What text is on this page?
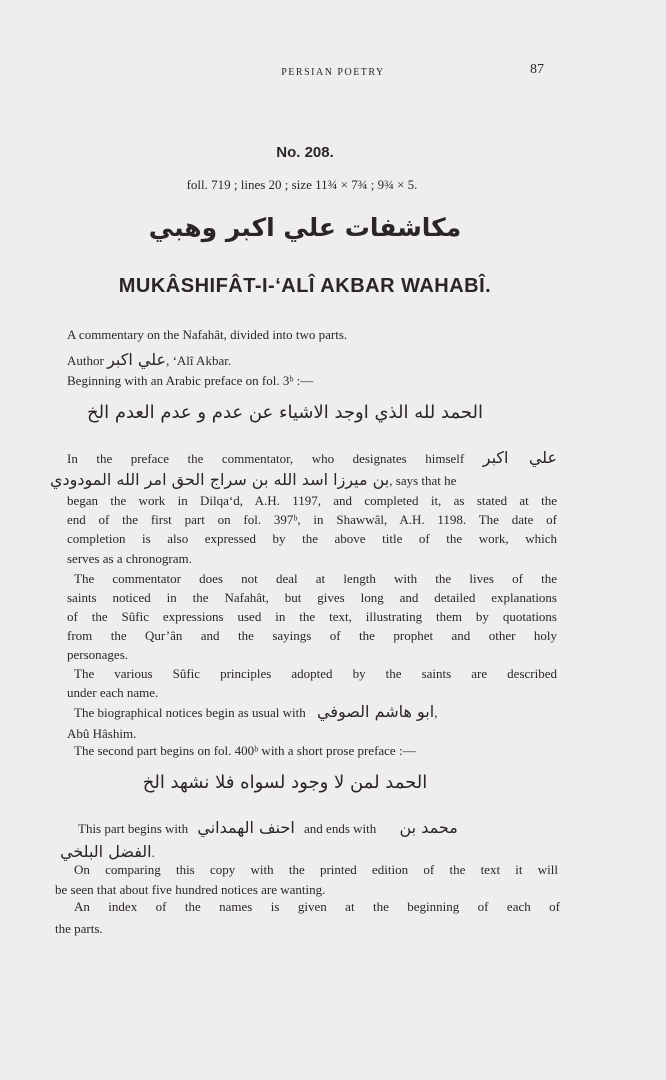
PERSIAN POETRY	87
No. 208.
foll. 719 ; lines 20 ; size 11¾ × 7¾ ; 9¾ × 5.
مكاشفات علي اكبر وهبي
MUKÂSHIFÂT-I-‘ALÎ AKBAR WAHABÎ.
A commentary on the Nafahât, divided into two parts.
Author علي اكبر, ‘Alî Akbar.
Beginning with an Arabic preface on fol. 3ᵇ :—
الحمد لله الذي اوجد الاشياء عن عدم و عدم العدم الخ
In the preface the commentator, who designates himself علي اكبر
بن ميرزا اسد الله بن سراج الحق امر الله المودودي, says that he
began the work in Dilqa‘d, A.H. 1197, and completed it, as stated at the
end of the first part on fol. 397ᵇ, in Shawwâl, A.H. 1198. The date of
completion is also expressed by the above title of the work, which
serves as a chronogram.
The commentator does not deal at length with the lives of the
saints noticed in the Nafahât, but gives long and detailed explanations
of the Sûfic expressions used in the text, illustrating them by quotations
from the Qur’ân and the sayings of the prophet and other holy
personages.
The various Sûfic principles adopted by the saints are described
under each name.
The biographical notices begin as usual with ابو هاشم الصوفي,
Abû Hâshim.
The second part begins on fol. 400ᵇ with a short prose preface :—
الحمد لمن لا وجود لسواه فلا نشهد الخ
This part begins with احنف الهمداني and ends with محمد بن
الفضل البلخي.
On comparing this copy with the printed edition of the text it will
be seen that about five hundred notices are wanting.
An index of the names is given at the beginning of each of
the parts.
